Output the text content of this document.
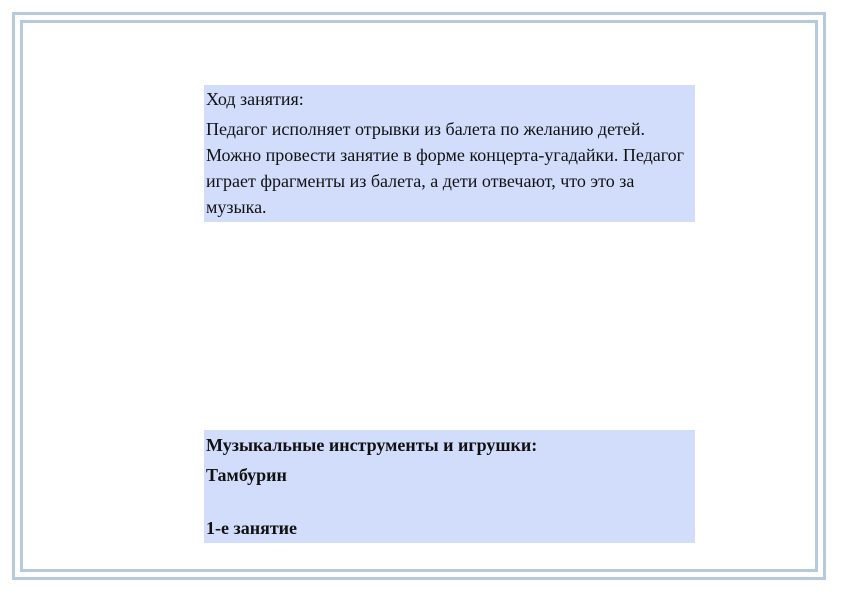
Ход занятия:
Педагог исполняет отрывки из балета по желанию детей. Можно провести занятие в форме концерта-угадайки. Педагог играет фрагменты из балета, а дети отвечают, что это за музыка.
Музыкальные инструменты и игрушки:
Тамбурин
1-е занятие
